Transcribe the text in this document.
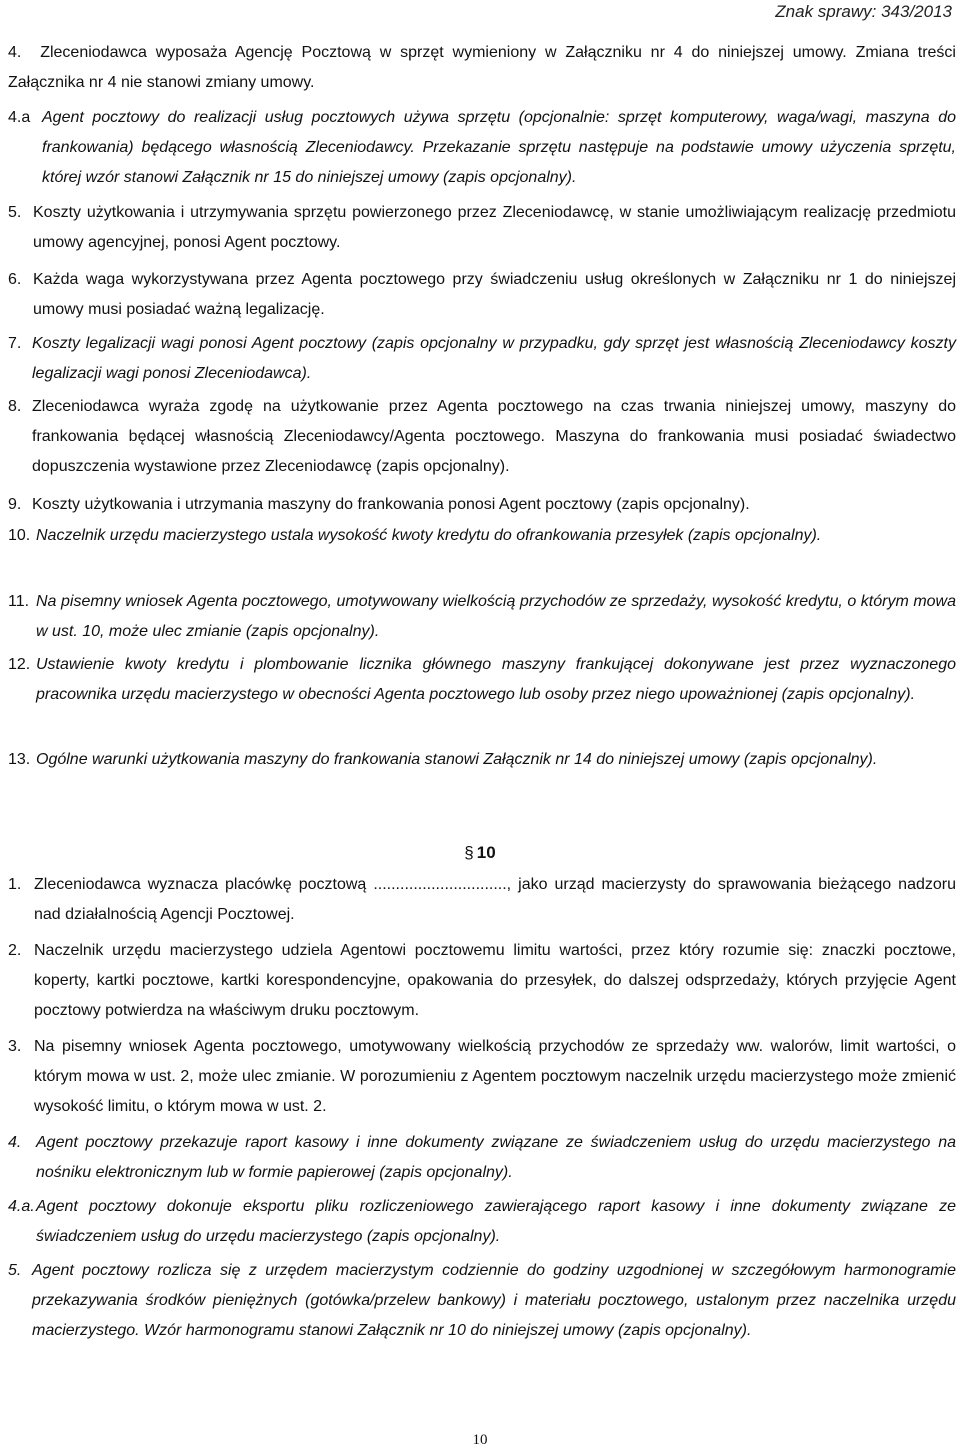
Znak sprawy: 343/2013
4. Zleceniodawca wyposaża Agencję Pocztową w sprzęt wymieniony w Załączniku nr 4 do niniejszej umowy. Zmiana treści Załącznika nr 4 nie stanowi zmiany umowy.
4.a Agent pocztowy do realizacji usług pocztowych używa sprzętu (opcjonalnie: sprzęt komputerowy, waga/wagi, maszyna do frankowania) będącego własnością Zleceniodawcy. Przekazanie sprzętu następuje na podstawie umowy użyczenia sprzętu, której wzór stanowi Załącznik nr 15 do niniejszej umowy (zapis opcjonalny).
5. Koszty użytkowania i utrzymywania sprzętu powierzonego przez Zleceniodawcę, w stanie umożliwiającym realizację przedmiotu umowy agencyjnej, ponosi Agent pocztowy.
6. Każda waga wykorzystywana przez Agenta pocztowego przy świadczeniu usług określonych w Załączniku nr 1 do niniejszej umowy musi posiadać ważną legalizację.
7. Koszty legalizacji wagi ponosi Agent pocztowy (zapis opcjonalny w przypadku, gdy sprzęt jest własnością Zleceniodawcy koszty legalizacji wagi ponosi Zleceniodawca).
8. Zleceniodawca wyraża zgodę na użytkowanie przez Agenta pocztowego na czas trwania niniejszej umowy, maszyny do frankowania będącej własnością Zleceniodawcy/Agenta pocztowego. Maszyna do frankowania musi posiadać świadectwo dopuszczenia wystawione przez Zleceniodawcę (zapis opcjonalny).
9. Koszty użytkowania i utrzymania maszyny do frankowania ponosi Agent pocztowy (zapis opcjonalny).
10. Naczelnik urzędu macierzystego ustala wysokość kwoty kredytu do ofrankowania przesyłek (zapis opcjonalny).
11. Na pisemny wniosek Agenta pocztowego, umotywowany wielkością przychodów ze sprzedaży, wysokość kredytu, o którym mowa w ust. 10, może ulec zmianie (zapis opcjonalny).
12. Ustawienie kwoty kredytu i plombowanie licznika głównego maszyny frankującej dokonywane jest przez wyznaczonego pracownika urzędu macierzystego w obecności Agenta pocztowego lub osoby przez niego upoważnionej (zapis opcjonalny).
13. Ogólne warunki użytkowania maszyny do frankowania stanowi Załącznik nr 14 do niniejszej umowy (zapis opcjonalny).
§ 10
1. Zleceniodawca wyznacza placówkę pocztową .............................., jako urząd macierzysty do sprawowania bieżącego nadzoru nad działalnością Agencji Pocztowej.
2. Naczelnik urzędu macierzystego udziela Agentowi pocztowemu limitu wartości, przez który rozumie się: znaczki pocztowe, koperty, kartki pocztowe, kartki korespondencyjne, opakowania do przesyłek, do dalszej odsprzedaży, których przyjęcie Agent pocztowy potwierdza na właściwym druku pocztowym.
3. Na pisemny wniosek Agenta pocztowego, umotywowany wielkością przychodów ze sprzedaży ww. walorów, limit wartości, o którym mowa w ust. 2, może ulec zmianie. W porozumieniu z Agentem pocztowym naczelnik urzędu macierzystego może zmienić wysokość limitu, o którym mowa w ust. 2.
4. Agent pocztowy przekazuje raport kasowy i inne dokumenty związane ze świadczeniem usług do urzędu macierzystego na nośniku elektronicznym lub w formie papierowej (zapis opcjonalny).
4.a. Agent pocztowy dokonuje eksportu pliku rozliczeniowego zawierającego raport kasowy i inne dokumenty związane ze świadczeniem usług do urzędu macierzystego (zapis opcjonalny).
5. Agent pocztowy rozlicza się z urzędem macierzystym codziennie do godziny uzgodnionej w szczegółowym harmonogramie przekazywania środków pieniężnych (gotówka/przelew bankowy) i materiału pocztowego, ustalonym przez naczelnika urzędu macierzystego. Wzór harmonogramu stanowi Załącznik nr 10 do niniejszej umowy (zapis opcjonalny).
10
